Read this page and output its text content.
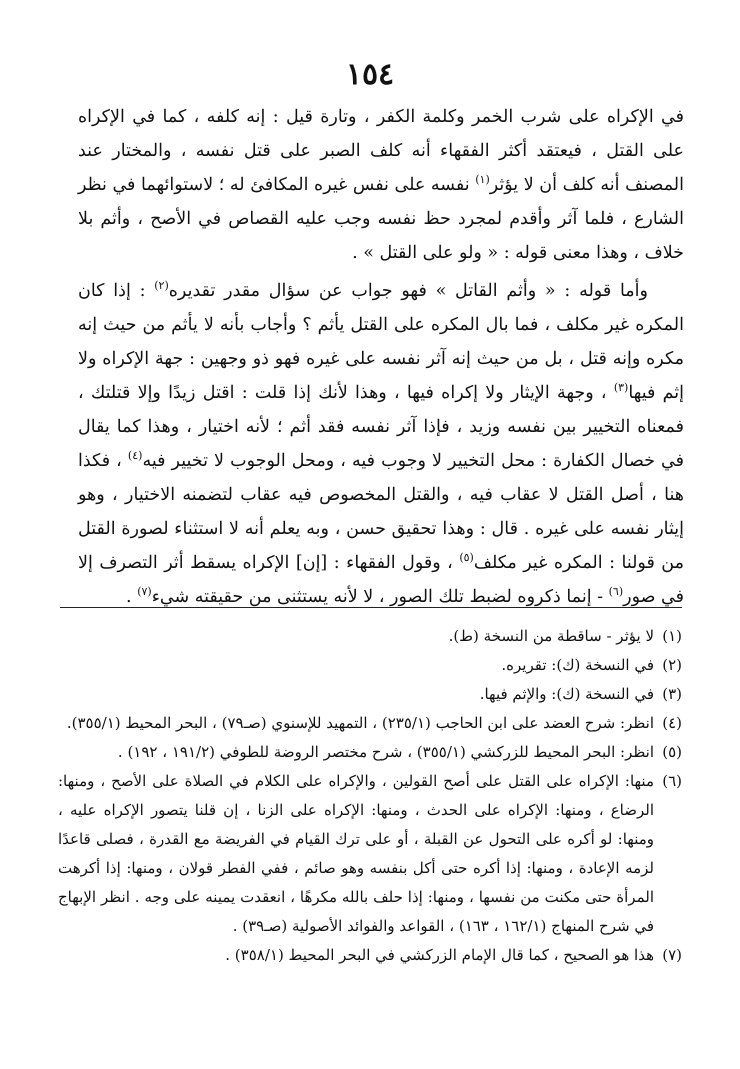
١٥٤

في الإكراه على شرب الخمر وكلمة الكفر ، وتارة قيل : إنه كلفه ، كما في الإكراه على القتل ، فيعتقد أكثر الفقهاء أنه كلف الصبر على قتل نفسه ، والمختار عند المصنف أنه كلف أن لا يؤثر$^{(١)}$ نفسه على نفس غيره المكافئ له ؛ لاستوائهما في نظر الشارع ، فلما آثر وأقدم لمجرد حظ نفسه وجب عليه القصاص في الأصح ، وأثم بلا خلاف ، وهذا معنى قوله : « ولو على القتل » .

وأما قوله : « وأثم القاتل » فهو جواب عن سؤال مقدر تقديره$^{(٢)}$ : إذا كان المكره غير مكلف ، فما بال المكره على القتل يأثم ؟ وأجاب بأنه لا يأثم من حيث إنه مكره وإنه قتل ، بل من حيث إنه آثر نفسه على غيره فهو ذو وجهين : جهة الإكراه ولا إثم فيها$^{(٣)}$ ، وجهة الإيثار ولا إكراه فيها ، وهذا لأنك إذا قلت : اقتل زيدًا وإلا قتلتك ، فمعناه التخيير بين نفسه وزيد ، فإذا آثر نفسه فقد أثم ؛ لأنه اختيار ، وهذا كما يقال في خصال الكفارة : محل التخيير لا وجوب فيه ، ومحل الوجوب لا تخيير فيه$^{(٤)}$ ، فكذا هنا ، أصل القتل لا عقاب فيه ، والقتل المخصوص فيه عقاب لتضمنه الاختيار ، وهو إيثار نفسه على غيره . قال : وهذا تحقيق حسن ، وبه يعلم أنه لا استثناء لصورة القتل من قولنا : المكره غير مكلف$^{(٥)}$ ، وقول الفقهاء : [إن] الإكراه يسقط أثر التصرف إلا في صور$^{(٦)}$ - إنما ذكروه لضبط تلك الصور ، لا لأنه يستثنى من حقيقته شيء$^{(٧)}$ .

(١)
لا يؤثر - ساقطة من النسخة (ط).
(٢)
في النسخة (ك): تقريره.
(٣)
في النسخة (ك): والإثم فيها.
(٤)
انظر: شرح العضد على ابن الحاجب (٢٣٥/١) ، التمهيد للإسنوي (صـ٧٩) ، البحر المحيط (٣٥٥/١).
(٥)
انظر: البحر المحيط للزركشي (٣٥٥/١) ، شرح مختصر الروضة للطوفي (١٩١/٢ ، ١٩٢) .
(٦)
منها: الإكراه على القتل على أصح القولين ، والإكراه على الكلام في الصلاة على الأصح ، ومنها: الرضاع ، ومنها: الإكراه على الحدث ، ومنها: الإكراه على الزنا ، إن قلنا يتصور الإكراه عليه ، ومنها: لو أكره على التحول عن القبلة ، أو على ترك القيام في الفريضة مع القدرة ، فصلى قاعدًا لزمه الإعادة ، ومنها: إذا أكره حتى أكل بنفسه وهو صائم ، ففي الفطر قولان ، ومنها: إذا أكرهت المرأة حتى مكنت من نفسها ، ومنها: إذا حلف بالله مكرهًا ، انعقدت يمينه على وجه . انظر الإبهاج في شرح المنهاج (١٦٢/١ ، ١٦٣) ، القواعد والفوائد الأصولية (صـ٣٩) .
(٧)
هذا هو الصحيح ، كما قال الإمام الزركشي في البحر المحيط (٣٥٨/١) .
